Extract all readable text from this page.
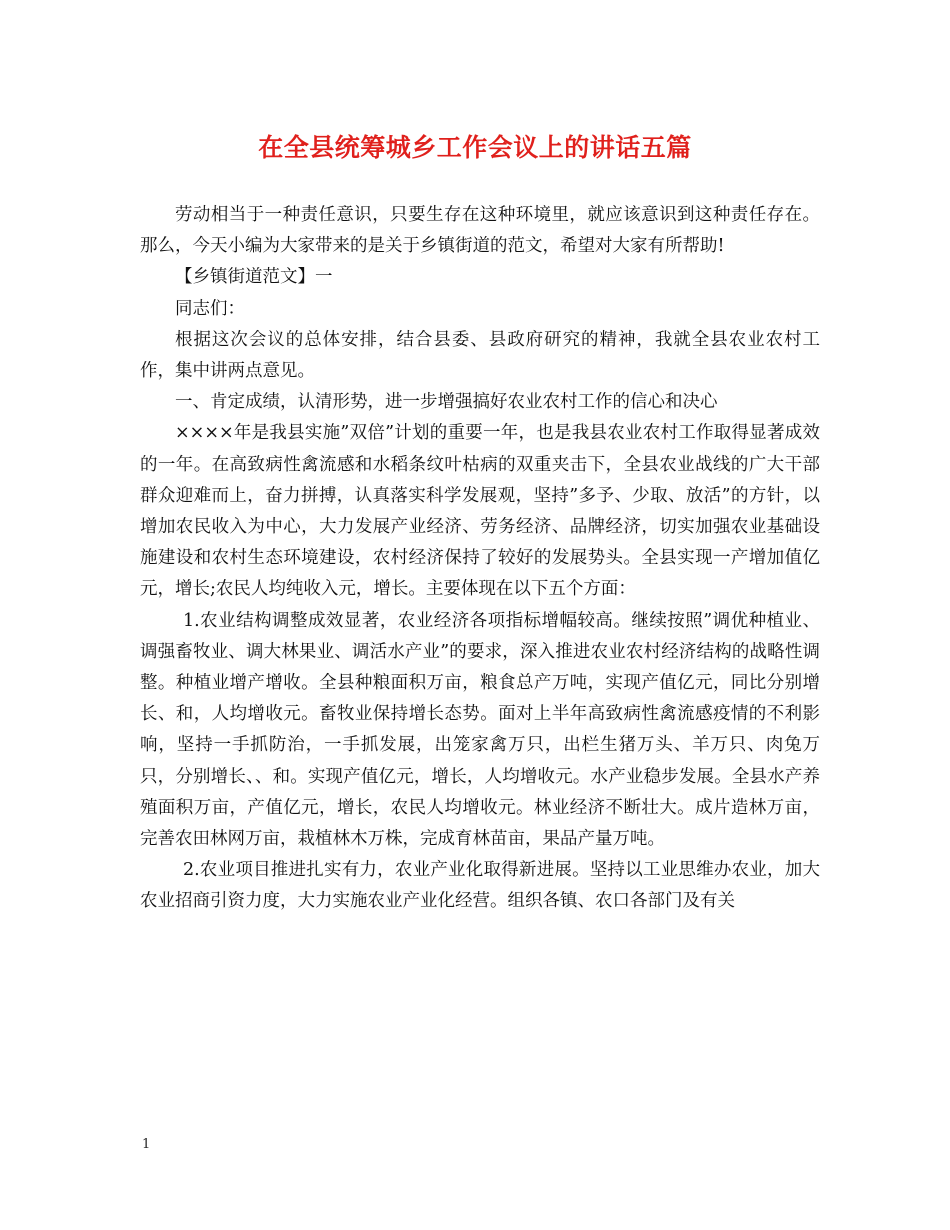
在全县统筹城乡工作会议上的讲话五篇

劳动相当于一种责任意识，只要生存在这种环境里，就应该意识到这种责任存在。那么，今天小编为大家带来的是关于乡镇街道的范文，希望对大家有所帮助!

【乡镇街道范文】一

同志们：

根据这次会议的总体安排，结合县委、县政府研究的精神，我就全县农业农村工作，集中讲两点意见。

一、肯定成绩，认清形势，进一步增强搞好农业农村工作的信心和决心

××××年是我县实施”双倍”计划的重要一年，也是我县农业农村工作取得显著成效的一年。在高致病性禽流感和水稻条纹叶枯病的双重夹击下，全县农业战线的广大干部群众迎难而上，奋力拼搏，认真落实科学发展观，坚持”多予、少取、放活”的方针，以增加农民收入为中心，大力发展产业经济、劳务经济、品牌经济，切实加强农业基础设施建设和农村生态环境建设，农村经济保持了较好的发展势头。全县实现一产增加值亿元，增长;农民人均纯收入元，增长。主要体现在以下五个方面：

1.农业结构调整成效显著，农业经济各项指标增幅较高。继续按照”调优种植业、调强畜牧业、调大林果业、调活水产业”的要求，深入推进农业农村经济结构的战略性调整。种植业增产增收。全县种粮面积万亩，粮食总产万吨，实现产值亿元，同比分别增长、和，人均增收元。畜牧业保持增长态势。面对上半年高致病性禽流感疫情的不利影响，坚持一手抓防治，一手抓发展，出笼家禽万只，出栏生猪万头、羊万只、肉兔万只，分别增长、、和。实现产值亿元，增长，人均增收元。水产业稳步发展。全县水产养殖面积万亩，产值亿元，增长，农民人均增收元。林业经济不断壮大。成片造林万亩，完善农田林网万亩，栽植林木万株，完成育林苗亩，果品产量万吨。

2.农业项目推进扎实有力，农业产业化取得新进展。坚持以工业思维办农业，加大农业招商引资力度，大力实施农业产业化经营。组织各镇、农口各部门及有关

1
